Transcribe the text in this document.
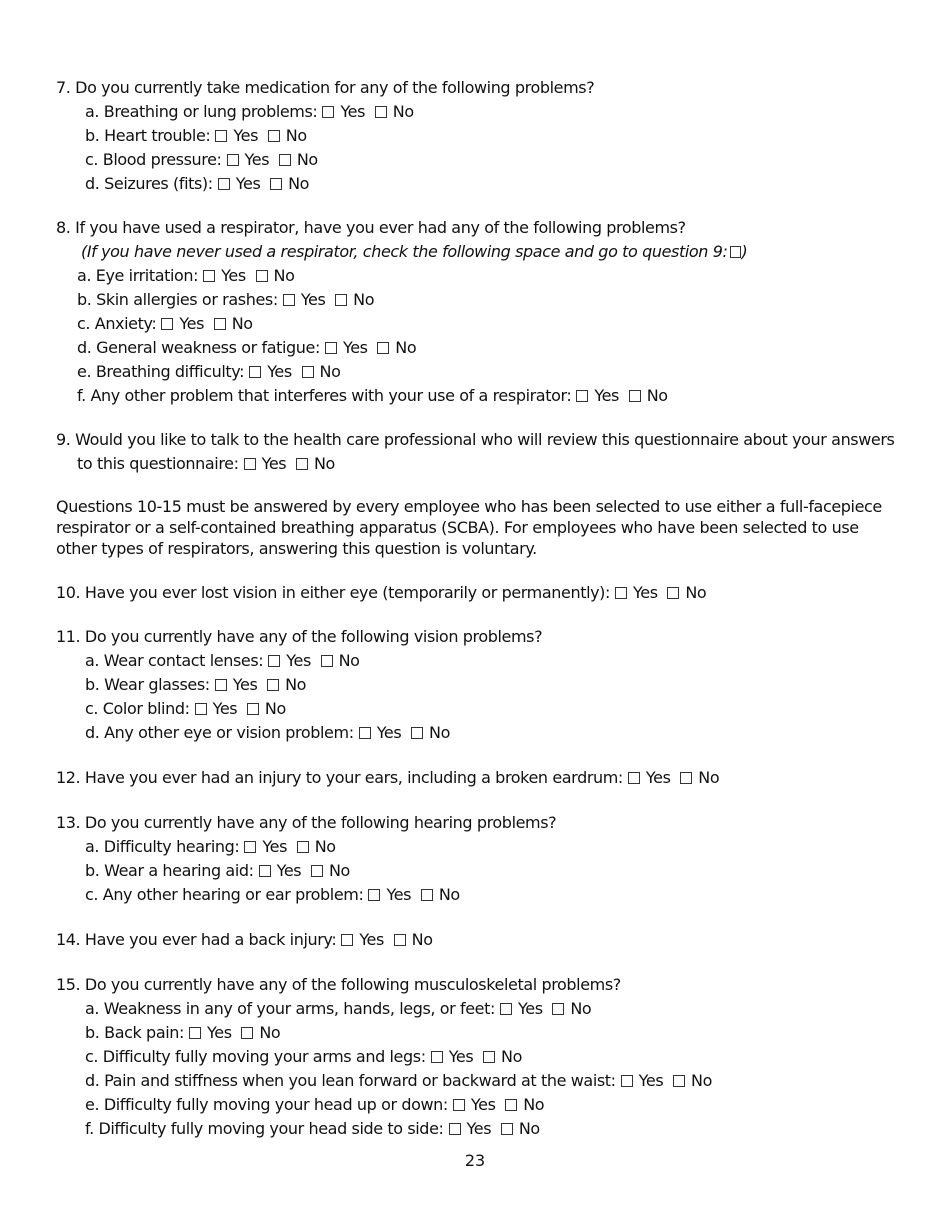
7. Do you currently take medication for any of the following problems?
a. Breathing or lung problems: Yes No
b. Heart trouble: Yes No
c. Blood pressure: Yes No
d. Seizures (fits): Yes No
8. If you have used a respirator, have you ever had any of the following problems?
(If you have never used a respirator, check the following space and go to question 9: )
a. Eye irritation: Yes No
b. Skin allergies or rashes: Yes No
c. Anxiety: Yes No
d. General weakness or fatigue: Yes No
e. Breathing difficulty: Yes No
f. Any other problem that interferes with your use of a respirator: Yes No
9. Would you like to talk to the health care professional who will review this questionnaire about your answers
to this questionnaire: Yes No
Questions 10-15 must be answered by every employee who has been selected to use either a full-facepiece respirator or a self-contained breathing apparatus (SCBA). For employees who have been selected to use other types of respirators, answering this question is voluntary.
10. Have you ever lost vision in either eye (temporarily or permanently): Yes No
11. Do you currently have any of the following vision problems?
a. Wear contact lenses: Yes No
b. Wear glasses: Yes No
c. Color blind: Yes No
d. Any other eye or vision problem: Yes No
12. Have you ever had an injury to your ears, including a broken eardrum: Yes No
13. Do you currently have any of the following hearing problems?
a. Difficulty hearing: Yes No
b. Wear a hearing aid: Yes No
c. Any other hearing or ear problem: Yes No
14. Have you ever had a back injury: Yes No
15. Do you currently have any of the following musculoskeletal problems?
a. Weakness in any of your arms, hands, legs, or feet: Yes No
b. Back pain: Yes No
c. Difficulty fully moving your arms and legs: Yes No
d. Pain and stiffness when you lean forward or backward at the waist: Yes No
e. Difficulty fully moving your head up or down: Yes No
f. Difficulty fully moving your head side to side: Yes No
23
